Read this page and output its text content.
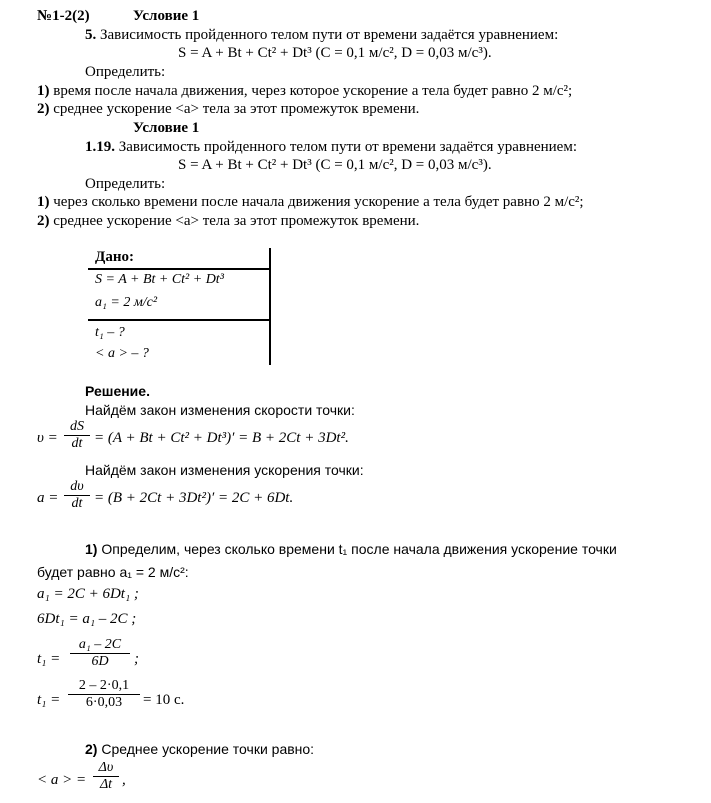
№1-2(2)	Условие 1
5. Зависимость пройденного телом пути от времени задаётся уравнением:
S = A + Bt + Ct² + Dt³ (C = 0,1 м/с², D = 0,03 м/с³).
Определить:
1) время после начала движения, через которое ускорение а тела будет равно 2 м/с²;
2) среднее ускорение <a> тела за этот промежуток времени.
Условие 1
1.19. Зависимость пройденного телом пути от времени задаётся уравнением:
S = A + Bt + Ct² + Dt³ (C = 0,1 м/с², D = 0,03 м/с³).
Определить:
1) через сколько времени после начала движения ускорение а тела будет равно 2 м/с²;
2) среднее ускорение <a> тела за этот промежуток времени.
Дано:
S = A + Bt + Ct² + Dt³
a₁ = 2 м/с²
t₁ – ?
< a > – ?
Решение.
Найдём закон изменения скорости точки:
$\upsilon = \frac{dS}{dt} = (A + Bt + Ct^2 + Dt^3)' = B + 2Ct + 3Dt^2$.
Найдём закон изменения ускорения точки:
$a = \frac{d\upsilon}{dt} = (B + 2Ct + 3Dt^2)' = 2C + 6Dt$.
1) Определим, через сколько времени t₁ после начала движения ускорение точки
будет равно a₁ = 2 м/с²:
a₁ = 2C + 6Dt₁ ;
6Dt₁ = a₁ – 2C ;
$t_1 = \frac{\text{a₁ – 2C}}{6D}$ ;
$t_1 = \frac{2 - 2\cdot 0,1}{6\cdot 0,03} = 10$ с.
2) Среднее ускорение точки равно:
< a > = $\frac{\Delta\upsilon}{\Delta t}$ ,
